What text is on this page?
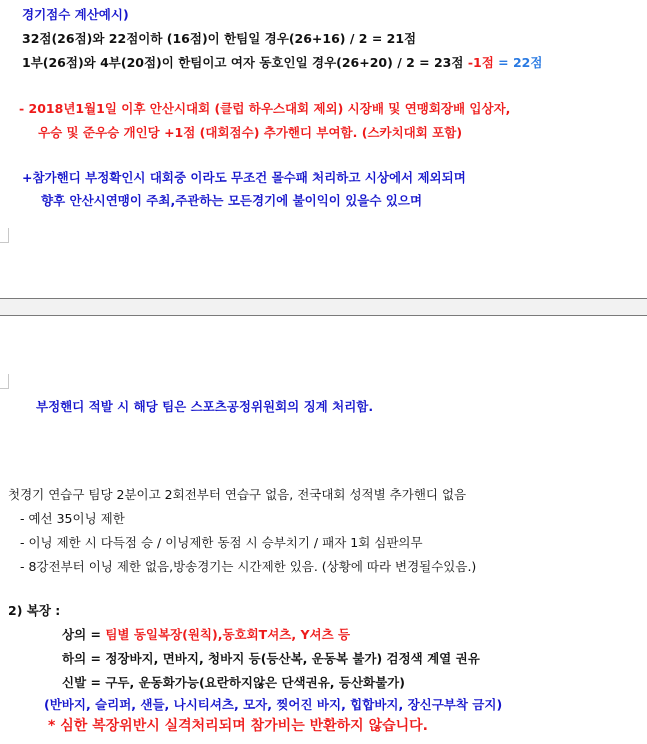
경기점수 계산예시)
32점(26점)와 22점이하 (16점)이 한팀일 경우(26+16) / 2 = 21점
1부(26점)와 4부(20점)이 한팀이고 여자 동호인일 경우(26+20) / 2 = 23점 -1점 = 22점
- 2018년1월1일 이후 안산시대회 (클럽 하우스대회 제외) 시장배 및 연맹회장배 입상자,
우승 및 준우승 개인당 +1점 (대회점수) 추가핸디 부여함. (스카치대회 포함)
+참가핸디 부정확인시 대회중 이라도 무조건 몰수패 처리하고 시상에서 제외되며
향후 안산시연맹이 주최,주관하는 모든경기에 불이익이 있을수 있으며
부정핸디 적발 시 해당 팀은 스포츠공정위원회의 징계 처리함.
첫경기 연습구 팀당 2분이고 2회전부터 연습구 없음, 전국대회 성적별 추가핸디 없음
- 예선 35이닝 제한
- 이닝 제한 시 다득점 승 / 이닝제한 동점 시 승부치기 / 패자 1회 심판의무
- 8강전부터 이닝 제한 없음,방송경기는 시간제한 있음. (상황에 따라 변경될수있음.)
2) 복장 :
상의 = 팀별 동일복장(원칙),동호회T셔츠, Y셔츠 등
하의 = 정장바지, 면바지, 청바지 등(등산복, 운동복 불가) 검정색 계열 권유
신발 = 구두, 운동화가능(요란하지않은 단색권유, 등산화불가)
(반바지, 슬리퍼, 샌들, 나시티셔츠, 모자, 찢어진 바지, 힙합바지, 장신구부착 금지)
* 심한 복장위반시 실격처리되며 참가비는 반환하지 않습니다.
